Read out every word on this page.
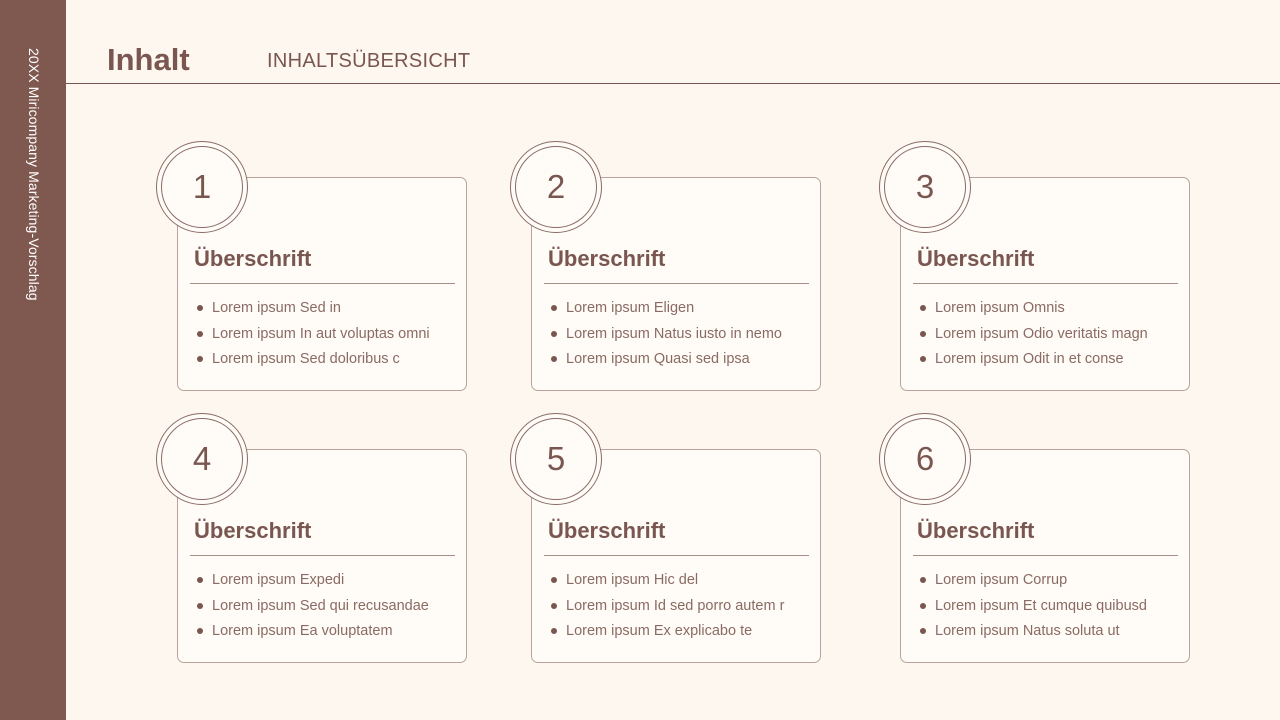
20XX Miricompany Marketing-Vorschlag Inhalt	INHALTSÜBERSICHT
Überschrift
Lorem ipsum Sed in
Lorem ipsum In aut voluptas omni
Lorem ipsum Sed doloribus c
1
Überschrift
Lorem ipsum Eligen
Lorem ipsum Natus iusto in nemo
Lorem ipsum Quasi sed ipsa
2
Überschrift
Lorem ipsum Omnis
Lorem ipsum Odio veritatis magn
Lorem ipsum Odit in et conse
3
Überschrift
Lorem ipsum Expedi
Lorem ipsum Sed qui recusandae
Lorem ipsum Ea voluptatem
4
Überschrift
Lorem ipsum Hic del
Lorem ipsum Id sed porro autem r
Lorem ipsum Ex explicabo te
5
Überschrift
Lorem ipsum Corrup
Lorem ipsum Et cumque quibusd
Lorem ipsum Natus soluta ut
6
